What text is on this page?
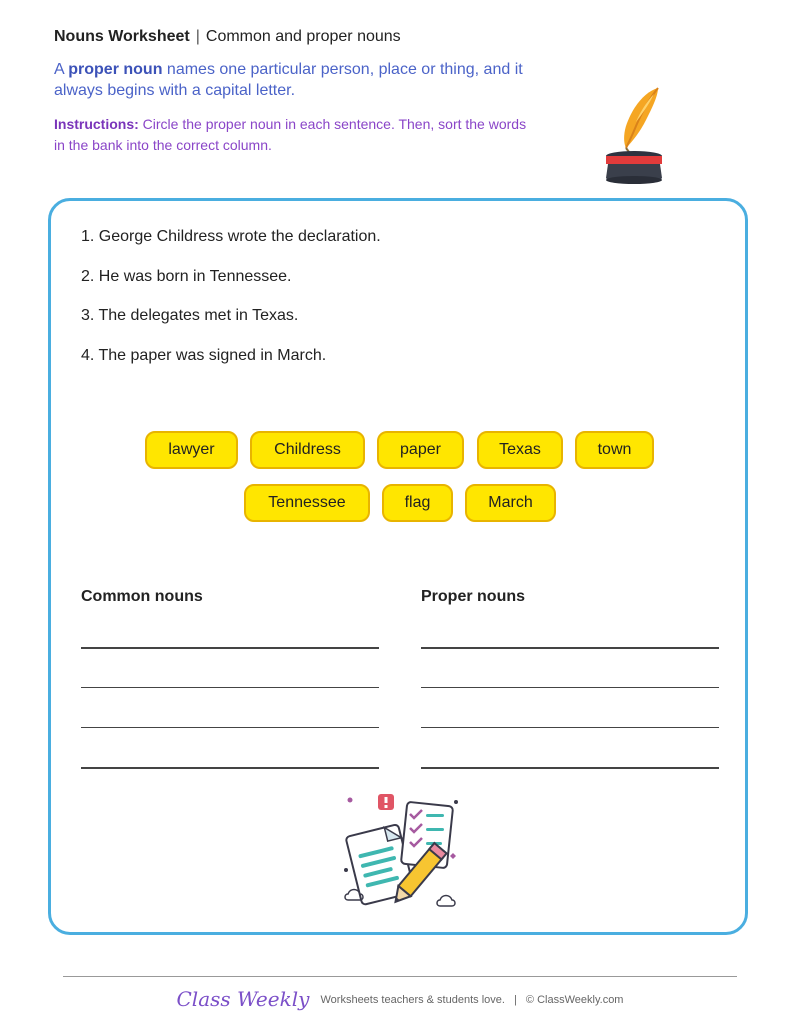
Nouns Worksheet | Common and proper nouns
A proper noun names one particular person, place or thing, and it always begins with a capital letter.
Instructions: Circle the proper noun in each sentence. Then, sort the words in the bank into the correct column.
1. George Childress wrote the declaration.
2. He was born in Tennessee.
3. The delegates met in Texas.
4. The paper was signed in March.
lawyer	Childress	paper	Texas	town
Tennessee	flag	March
Common nouns	Proper nouns
Class Weekly Worksheets teachers & students love. | © ClassWeekly.com
